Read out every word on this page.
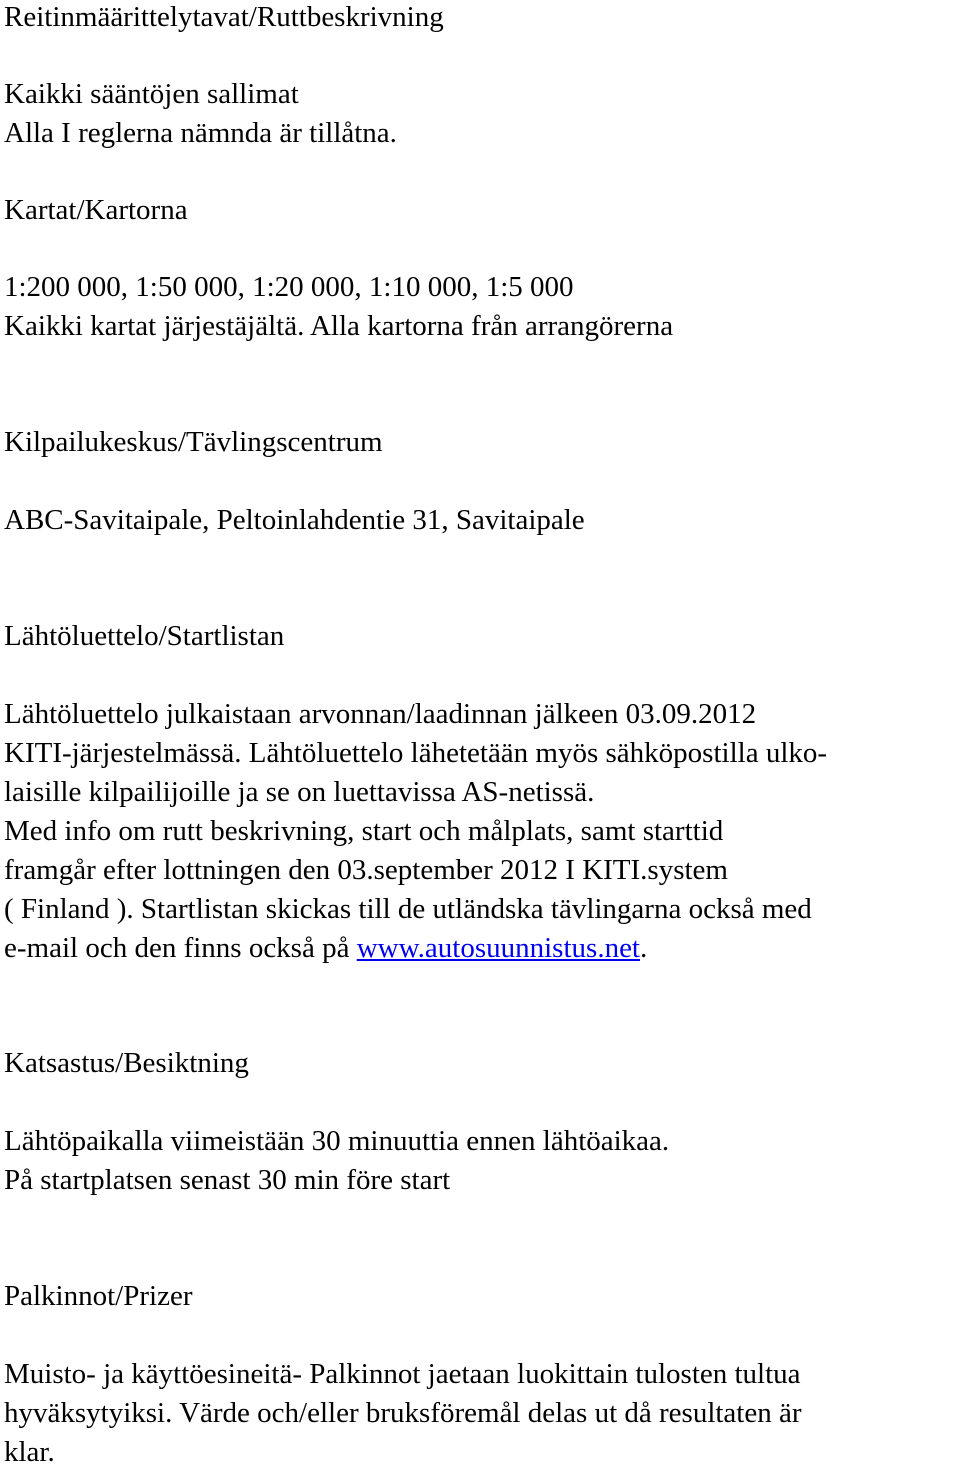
Reitinmäärittelytavat/Ruttbeskrivning
Kaikki sääntöjen sallimat
Alla I reglerna nämnda är tillåtna.
Kartat/Kartorna
1:200 000, 1:50 000, 1:20 000, 1:10 000, 1:5 000
Kaikki kartat järjestäjältä. Alla kartorna från arrangörerna
Kilpailukeskus/Tävlingscentrum
ABC-Savitaipale, Peltoinlahdentie 31, Savitaipale
Lähtöluettelo/Startlistan
Lähtöluettelo julkaistaan arvonnan/laadinnan jälkeen 03.09.2012
KITI-järjestelmässä. Lähtöluettelo lähetetään myös sähköpostilla ulko-
laisille kilpailijoille ja se on luettavissa AS-netissä.
Med info om rutt beskrivning, start och målplats, samt starttid
framgår efter lottningen den 03.september 2012 I KITI.system
( Finland ). Startlistan skickas till de utländska tävlingarna också med
e-mail och den finns också på www.autosuunnistus.net.
Katsastus/Besiktning
Lähtöpaikalla viimeistään 30 minuuttia ennen lähtöaikaa.
På startplatsen senast 30 min före start
Palkinnot/Prizer
Muisto- ja käyttöesineitä- Palkinnot jaetaan luokittain tulosten tultua
hyväksytyiksi. Värde och/eller bruksföremål delas ut då resultaten är
klar.
